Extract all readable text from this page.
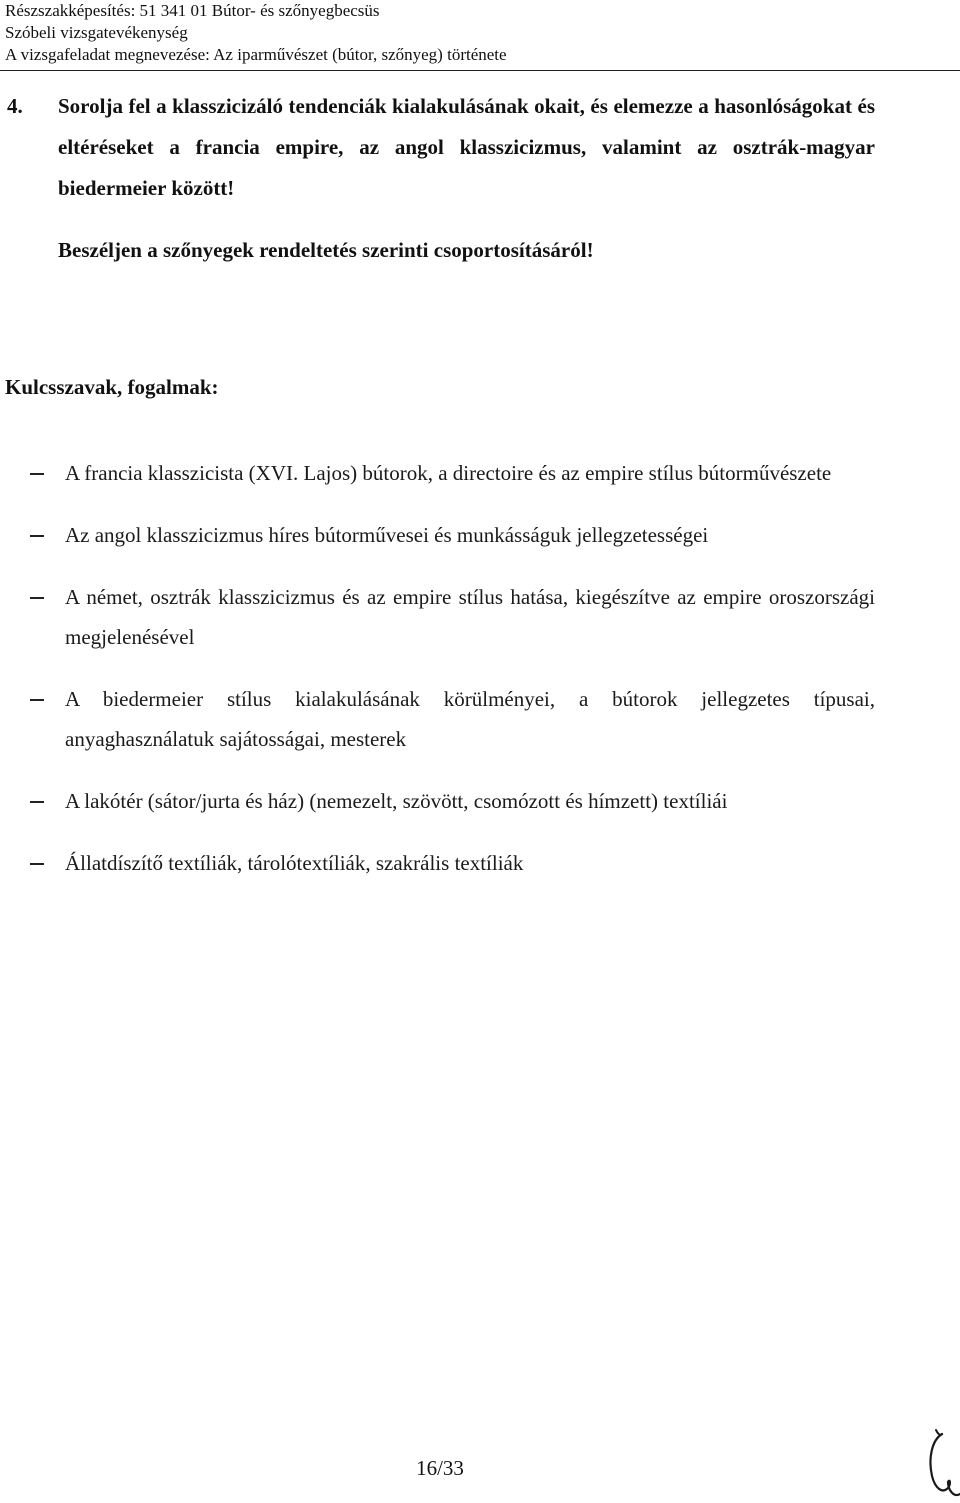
Részszakképesítés: 51 341 01 Bútor- és szőnyegbecsüs
Szóbeli vizsgatevékenység
A vizsgafeladat megnevezése: Az iparművészet (bútor, szőnyeg) története
4. Sorolja fel a klasszicizáló tendenciák kialakulásának okait, és elemezze a hasonlóságokat és eltéréseket a francia empire, az angol klasszicizmus, valamint az osztrák-magyar biedermeier között!
Beszéljen a szőnyegek rendeltetés szerinti csoportosításáról!
Kulcsszavak, fogalmak:
A francia klasszicista (XVI. Lajos) bútorok, a directoire és az empire stílus bútorművészete
Az angol klasszicizmus híres bútorművesei és munkásságuk jellegzetességei
A német, osztrák klasszicizmus és az empire stílus hatása, kiegészítve az empire oroszországi megjelenésével
A biedermeier stílus kialakulásának körülményei, a bútorok jellegzetes típusai, anyaghasználatuk sajátosságai, mesterek
A lakótér (sátor/jurta és ház) (nemezelt, szövött, csomózott és hímzett) textíliái
Állatdíszítő textíliák, tárolótextíliák, szakrális textíliák
16/33
